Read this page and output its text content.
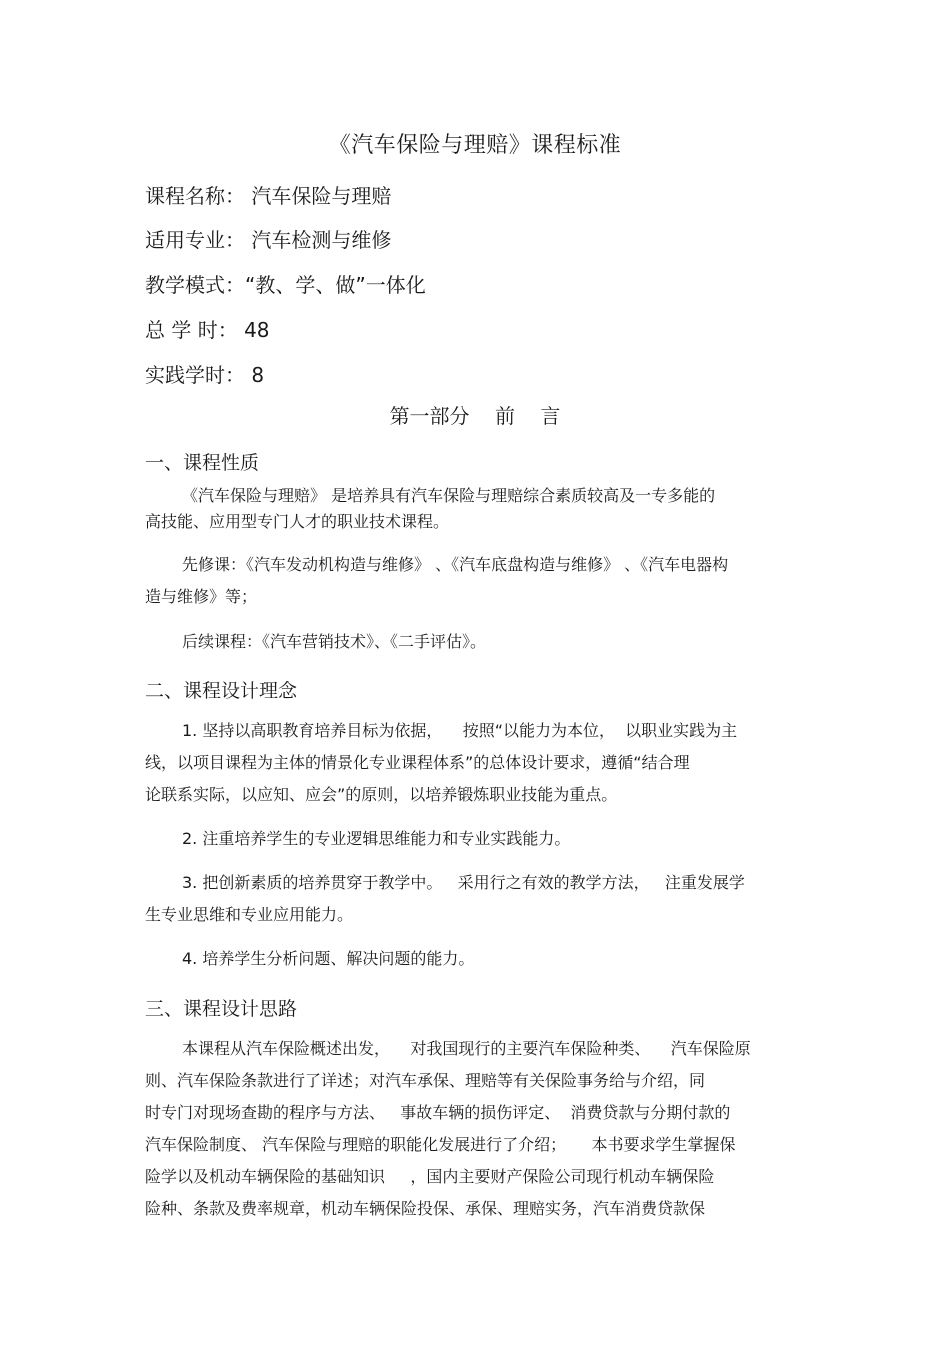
《汽车保险与理赔》课程标准
课程名称： 汽车保险与理赔
适用专业： 汽车检测与维修
教学模式：“教、学、做”一体化
总 学 时： 48
实践学时： 8
第一部分    前    言
一、课程性质
《汽车保险与理赔》 是培养具有汽车保险与理赔综合素质较高及一专多能的
高技能、应用型专门人才的职业技术课程。
先修课：《汽车发动机构造与维修》 、《汽车底盘构造与维修》 、《汽车电器构
造与维修》等；
后续课程：《汽车营销技术》、《二手评估》。
二、课程设计理念
1. 坚持以高职教育培养目标为依据，    按照“以能力为本位，  以职业实践为主
线，以项目课程为主体的情景化专业课程体系”的总体设计要求，遵循“结合理
论联系实际，以应知、应会”的原则，以培养锻炼职业技能为重点。
2. 注重培养学生的专业逻辑思维能力和专业实践能力。
3. 把创新素质的培养贯穿于教学中。   采用行之有效的教学方法，   注重发展学
生专业思维和专业应用能力。
4. 培养学生分析问题、解决问题的能力。
三、课程设计思路
本课程从汽车保险概述出发，    对我国现行的主要汽车保险种类、    汽车保险原
则、汽车保险条款进行了详述；对汽车承保、理赔等有关保险事务给与介绍，同
时专门对现场查勘的程序与方法、   事故车辆的损伤评定、  消费贷款与分期付款的
汽车保险制度、 汽车保险与理赔的职能化发展进行了介绍；     本书要求学生掌握保
险学以及机动车辆保险的基础知识     ，国内主要财产保险公司现行机动车辆保险
险种、条款及费率规章，机动车辆保险投保、承保、理赔实务，汽车消费贷款保
